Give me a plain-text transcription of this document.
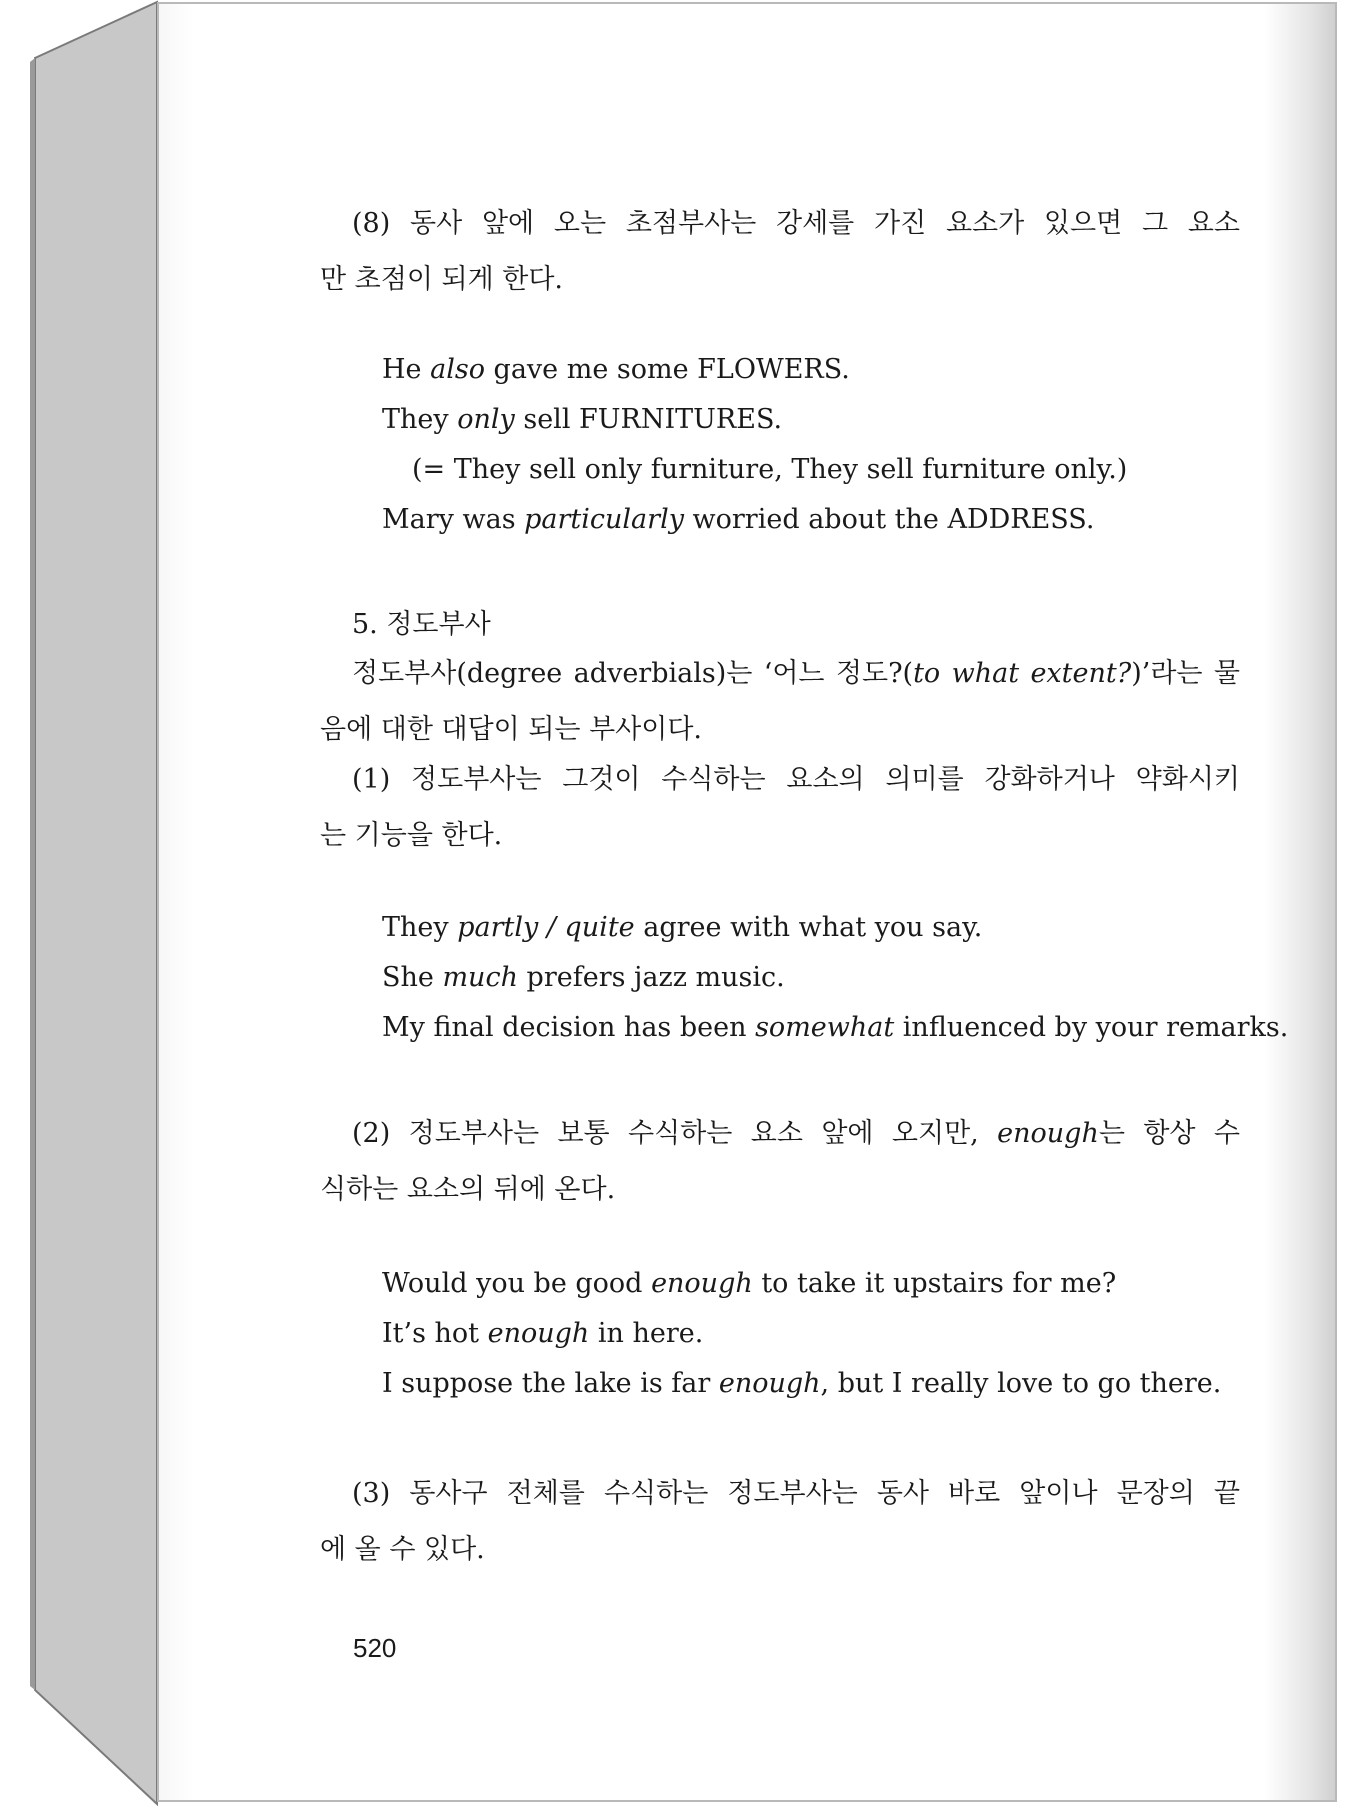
(8) 동사 앞에 오는 초점부사는 강세를 가진 요소가 있으면 그 요소
만 초점이 되게 한다.
He also gave me some FLOWERS.
They only sell FURNITURES.
(= They sell only furniture, They sell furniture only.)
Mary was particularly worried about the ADDRESS.
5. 정도부사
정도부사(degree adverbials)는 ‘어느 정도?(to what extent?)’라는 물
음에 대한 대답이 되는 부사이다.
(1) 정도부사는 그것이 수식하는 요소의 의미를 강화하거나 약화시키
는 기능을 한다.
They partly / quite agree with what you say.
She much prefers jazz music.
My final decision has been somewhat influenced by your remarks.
(2) 정도부사는 보통 수식하는 요소 앞에 오지만, enough는 항상 수
식하는 요소의 뒤에 온다.
Would you be good enough to take it upstairs for me?
It’s hot enough in here.
I suppose the lake is far enough, but I really love to go there.
(3) 동사구 전체를 수식하는 정도부사는 동사 바로 앞이나 문장의 끝
에 올 수 있다.
520
